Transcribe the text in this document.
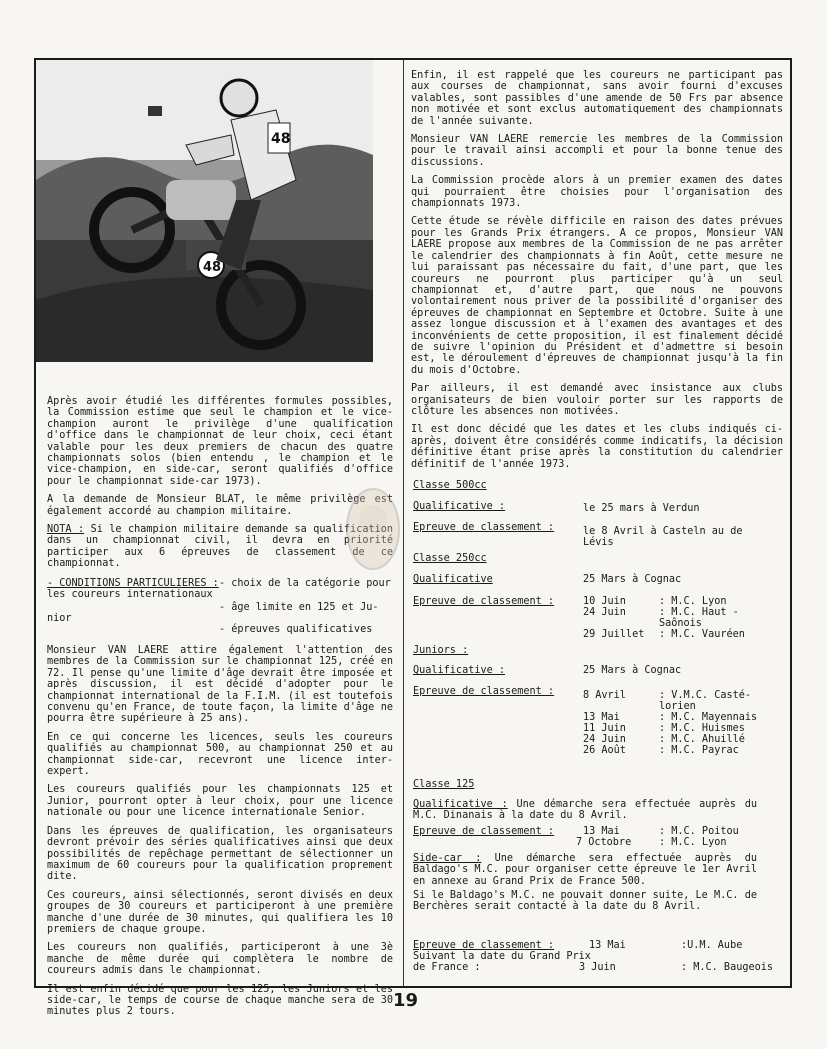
48
48

Après avoir étudié les différentes formules possibles, la Commission estime que seul le champion et le vice-champion auront le privilège d'une qualification d'office dans le championnat de leur choix, ceci étant valable pour les deux premiers de chacun des quatre championnats solos (bien entendu , le champion et le vice-champion, en side-car, seront qualifiés d'office pour le championnat side-car 1973).

A la demande de Monsieur BLAT, le même privilège est également accordé au champion militaire.

NOTA : Si le champion militaire demande sa qualification dans un championnat civil, il devra en priorité participer aux 6 épreuves de classement de ce championnat.

- CONDITIONS PARTICULIERES : - choix de la catégorie pour
les coureurs internationaux
- âge limite en 125 et Ju-
nior
- épreuves qualificatives

Monsieur VAN LAERE attire également l'attention des membres de la Commission sur le championnat 125, créé en 72. Il pense qu'une limite d'âge devrait être imposée et après discussion, il est décidé d'adopter pour le championnat international de la F.I.M. (il est toutefois convenu qu'en France, de toute façon, la limite d'âge ne pourra être supérieure à 25 ans).

En ce qui concerne les licences, seuls les coureurs qualifiés au championnat 500, au championnat 250 et au championnat side-car, recevront une licence inter-expert.

Les coureurs qualifiés pour les championnats 125 et Junior, pourront opter à leur choix, pour une licence nationale ou pour une licence internationale Senior.

Dans les épreuves de qualification, les organisateurs devront prévoir des séries qualificatives ainsi que deux possibilités de repêchage permettant de sélectionner un maximum de 60 coureurs pour la qualification proprement dite.

Ces coureurs, ainsi sélectionnés, seront divisés en deux groupes de 30 coureurs et participeront à une première manche d'une durée de 30 minutes, qui qualifiera les 10 premiers de chaque groupe.

Les coureurs non qualifiés, participeront à une 3è manche de même durée qui complètera le nombre de coureurs admis dans le championnat.

Il est enfin décidé que pour les 125, les Juniors et les side-car, le temps de course de chaque manche sera de 30 minutes plus 2 tours.

Enfin, il est rappelé que les coureurs ne participant pas aux courses de championnat, sans avoir fourni d'excuses valables, sont passibles d'une amende de 50 Frs par absence non motivée et sont exclus automatiquement des championnats de l'année suivante.

Monsieur VAN LAERE remercie les membres de la Commission pour le travail ainsi accompli et pour la bonne tenue des discussions.

La Commission procède alors à un premier examen des dates qui pourraient être choisies pour l'organisation des championnats 1973.

Cette étude se révèle difficile en raison des dates prévues pour les Grands Prix étrangers. A ce propos, Monsieur VAN LAERE propose aux membres de la Commission de ne pas arrêter le calendrier des championnats à fin Août, cette mesure ne lui paraissant pas nécessaire du fait, d'une part, que les coureurs ne pourront plus participer qu'à un seul championnat et, d'autre part, que nous ne pouvons volontairement nous priver de la possibilité d'organiser des épreuves de championnat en Septembre et Octobre. Suite à une assez longue discussion et à l'examen des avantages et des inconvénients de cette proposition, il est finalement décidé de suivre l'opinion du Président et d'admettre si besoin est, le déroulement d'épreuves de championnat jusqu'à la fin du mois d'Octobre.

Par ailleurs, il est demandé avec insistance aux clubs organisateurs de bien vouloir porter sur les rapports de clôture les absences non motivées.

Il est donc décidé que les dates et les clubs indiqués ci-après, doivent être considérés comme indicatifs, la décision définitive étant prise après la constitution du calendrier définitif de l'année 1973.

Classe 500cc
Qualificative :	le 25 mars à Verdun
Epreuve de classement :	le 8 Avril à Casteln au de
Lévis
Classe 250cc
Qualificative	25 Mars à Cognac
Epreuve de classement :	10 Juin	: M.C. Lyon
24 Juin	: M.C. Haut -
Saônois
29 Juillet : M.C. Vauréen
Juniors :
Qualificative :	25 Mars à Cognac
Epreuve de classement :	8 Avril	: V.M.C. Casté-
lorien
13 Mai	: M.C. Mayennais
11 Juin	: M.C. Huismes
24 Juin	: M.C. Ahuillé
26 Août	: M.C. Payrac
Classe 125
Qualificative : Une démarche sera effectuée auprès du M.C. Dinanais à la date du 8 Avril.
Epreuve de classement :	13 Mai	: M.C. Poitou
7 Octobre	: M.C. Lyon
Side-car : Une démarche sera effectuée auprès du Baldago's M.C. pour organiser cette épreuve le 1er Avril en annexe au Grand Prix de France 500.
Si le Baldago's M.C. ne pouvait donner suite, Le M.C. de Berchères serait contacté à la date du 8 Avril.
Epreuve de classement :	13 Mai	:U.M. Aube
Suivant la date du Grand Prix
de France :	3 Juin	: M.C. Baugeois
19
